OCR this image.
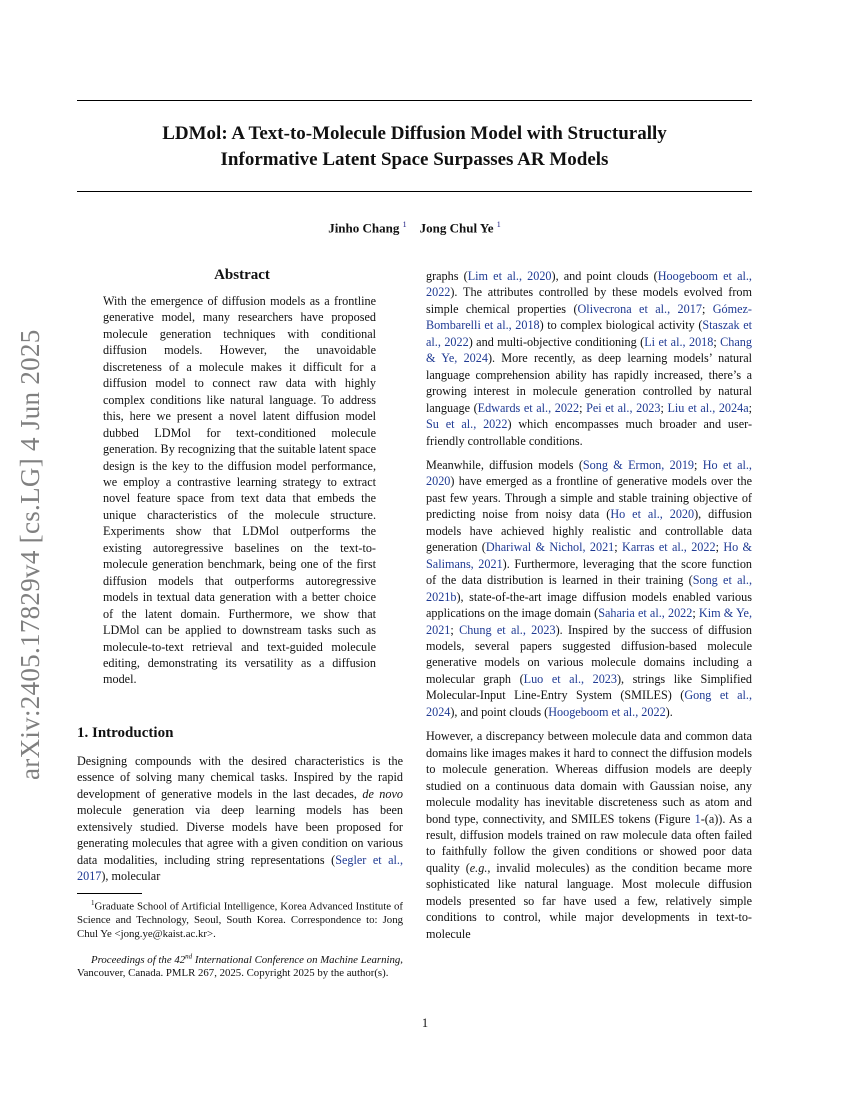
LDMol: A Text-to-Molecule Diffusion Model with Structurally
Informative Latent Space Surpasses AR Models
Jinho Chang $^1$ Jong Chul Ye $^1$
arXiv:2405.17829v4 [cs.LG] 4 Jun 2025
Abstract

With the emergence of diffusion models as a frontline generative model, many researchers have proposed molecule generation techniques with conditional diffusion models. However, the unavoidable discreteness of a molecule makes it difficult for a diffusion model to connect raw data with highly complex conditions like natural language. To address this, here we present a novel latent diffusion model dubbed LDMol for text-conditioned molecule generation. By recognizing that the suitable latent space design is the key to the diffusion model performance, we employ a contrastive learning strategy to extract novel feature space from text data that embeds the unique characteristics of the molecule structure. Experiments show that LDMol outperforms the existing autoregressive baselines on the text-to-molecule generation benchmark, being one of the first diffusion models that outperforms autoregressive models in textual data generation with a better choice of the latent domain. Furthermore, we show that LDMol can be applied to downstream tasks such as molecule-to-text retrieval and text-guided molecule editing, demonstrating its versatility as a diffusion model.

1. Introduction

Designing compounds with the desired characteristics is the essence of solving many chemical tasks. Inspired by the rapid development of generative models in the last decades, de novo molecule generation via deep learning models has been extensively studied. Diverse models have been proposed for generating molecules that agree with a given condition on various data modalities, including string representations (Segler et al., 2017), molecular

graphs (Lim et al., 2020), and point clouds (Hoogeboom et al., 2022). The attributes controlled by these models evolved from simple chemical properties (Olivecrona et al., 2017; Gómez-Bombarelli et al., 2018) to complex biological activity (Staszak et al., 2022) and multi-objective conditioning (Li et al., 2018; Chang & Ye, 2024). More recently, as deep learning models’ natural language comprehension ability has rapidly increased, there’s a growing interest in molecule generation controlled by natural language (Edwards et al., 2022; Pei et al., 2023; Liu et al., 2024a; Su et al., 2022) which encompasses much broader and user-friendly controllable conditions.

Meanwhile, diffusion models (Song & Ermon, 2019; Ho et al., 2020) have emerged as a frontline of generative models over the past few years. Through a simple and stable training objective of predicting noise from noisy data (Ho et al., 2020), diffusion models have achieved highly realistic and controllable data generation (Dhariwal & Nichol, 2021; Karras et al., 2022; Ho & Salimans, 2021). Furthermore, leveraging that the score function of the data distribution is learned in their training (Song et al., 2021b), state-of-the-art image diffusion models enabled various applications on the image domain (Saharia et al., 2022; Kim & Ye, 2021; Chung et al., 2023). Inspired by the success of diffusion models, several papers suggested diffusion-based molecule generative models on various molecule domains including a molecular graph (Luo et al., 2023), strings like Simplified Molecular-Input Line-Entry System (SMILES) (Gong et al., 2024), and point clouds (Hoogeboom et al., 2022).

However, a discrepancy between molecule data and common data domains like images makes it hard to connect the diffusion models to molecule generation. Whereas diffusion models are deeply studied on a continuous data domain with Gaussian noise, any molecule modality has inevitable discreteness such as atom and bond type, connectivity, and SMILES tokens (Figure 1-(a)). As a result, diffusion models trained on raw molecule data often failed to faithfully follow the given conditions or showed poor data quality (e.g., invalid molecules) as the condition became more sophisticated like natural language. Most molecule diffusion models presented so far have used a few, relatively simple conditions to control, while major developments in text-to-molecule

$^1$Graduate School of Artificial Intelligence, Korea Advanced Institute of Science and Technology, Seoul, South Korea. Correspondence to: Jong Chul Ye <jong.ye@kaist.ac.kr>.

Proceedings of the 42nd International Conference on Machine Learning, Vancouver, Canada. PMLR 267, 2025. Copyright 2025 by the author(s).

1
